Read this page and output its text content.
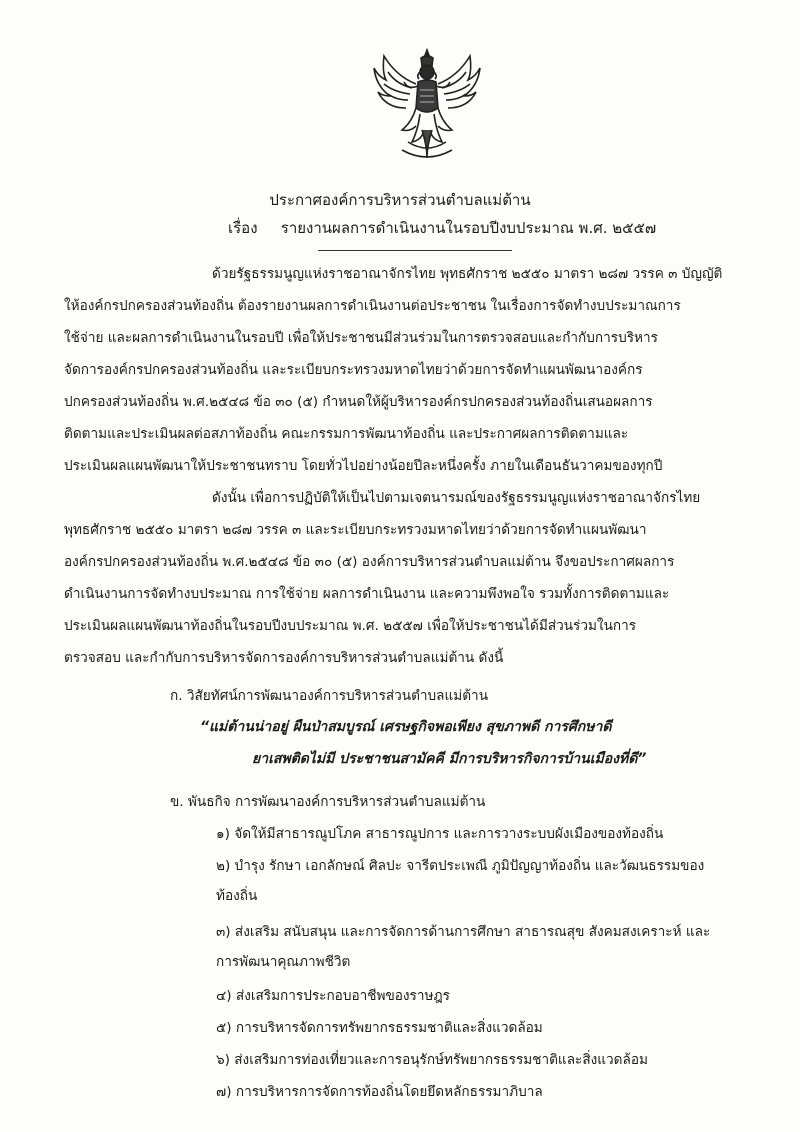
ประกาศองค์การบริหารส่วนตำบลแม่ต้าน
เรื่อง รายงานผลการดำเนินงานในรอบปีงบประมาณ พ.ศ. ๒๕๕๗
ด้วยรัฐธรรมนูญแห่งราชอาณาจักรไทย พุทธศักราช ๒๕๕๐ มาตรา ๒๘๗ วรรค ๓ บัญญัติ
ให้องค์กรปกครองส่วนท้องถิ่น ต้องรายงานผลการดำเนินงานต่อประชาชน ในเรื่องการจัดทำงบประมาณการ
ใช้จ่าย และผลการดำเนินงานในรอบปี เพื่อให้ประชาชนมีส่วนร่วมในการตรวจสอบและกำกับการบริหาร
จัดการองค์กรปกครองส่วนท้องถิ่น และระเบียบกระทรวงมหาดไทยว่าด้วยการจัดทำแผนพัฒนาองค์กร
ปกครองส่วนท้องถิ่น พ.ศ.๒๕๔๘ ข้อ ๓๐ (๕) กำหนดให้ผู้บริหารองค์กรปกครองส่วนท้องถิ่นเสนอผลการ
ติดตามและประเมินผลต่อสภาท้องถิ่น คณะกรรมการพัฒนาท้องถิ่น และประกาศผลการติดตามและ
ประเมินผลแผนพัฒนาให้ประชาชนทราบ โดยทั่วไปอย่างน้อยปีละหนึ่งครั้ง ภายในเดือนธันวาคมของทุกปี
ดังนั้น เพื่อการปฏิบัติให้เป็นไปตามเจตนารมณ์ของรัฐธรรมนูญแห่งราชอาณาจักรไทย
พุทธศักราช ๒๕๕๐ มาตรา ๒๘๗ วรรค ๓ และระเบียบกระทรวงมหาดไทยว่าด้วยการจัดทำแผนพัฒนา
องค์กรปกครองส่วนท้องถิ่น พ.ศ.๒๕๔๘ ข้อ ๓๐ (๕) องค์การบริหารส่วนตำบลแม่ต้าน จึงขอประกาศผลการ
ดำเนินงานการจัดทำงบประมาณ การใช้จ่าย ผลการดำเนินงาน และความพึงพอใจ รวมทั้งการติดตามและ
ประเมินผลแผนพัฒนาท้องถิ่นในรอบปีงบประมาณ พ.ศ. ๒๕๕๗ เพื่อให้ประชาชนได้มีส่วนร่วมในการ
ตรวจสอบ และกำกับการบริหารจัดการองค์การบริหารส่วนตำบลแม่ต้าน ดังนี้
ก. วิสัยทัศน์การพัฒนาองค์การบริหารส่วนตำบลแม่ต้าน
“แม่ต้านน่าอยู่ ผืนป่าสมบูรณ์ เศรษฐกิจพอเพียง สุขภาพดี การศึกษาดี
ยาเสพติดไม่มี ประชาชนสามัคคี มีการบริหารกิจการบ้านเมืองที่ดี”
ข. พันธกิจ การพัฒนาองค์การบริหารส่วนตำบลแม่ต้าน
๑) จัดให้มีสาธารณูปโภค สาธารณูปการ และการวางระบบผังเมืองของท้องถิ่น
๒) บำรุง รักษา เอกลักษณ์ ศิลปะ จารีตประเพณี ภูมิปัญญาท้องถิ่น และวัฒนธรรมของ
ท้องถิ่น
๓) ส่งเสริม สนับสนุน และการจัดการด้านการศึกษา สาธารณสุข สังคมสงเคราะห์ และ
การพัฒนาคุณภาพชีวิต
๔) ส่งเสริมการประกอบอาชีพของราษฎร
๕) การบริหารจัดการทรัพยากรธรรมชาติและสิ่งแวดล้อม
๖) ส่งเสริมการท่องเที่ยวและการอนุรักษ์ทรัพยากรธรรมชาติและสิ่งแวดล้อม
๗) การบริหารการจัดการท้องถิ่นโดยยึดหลักธรรมาภิบาล
